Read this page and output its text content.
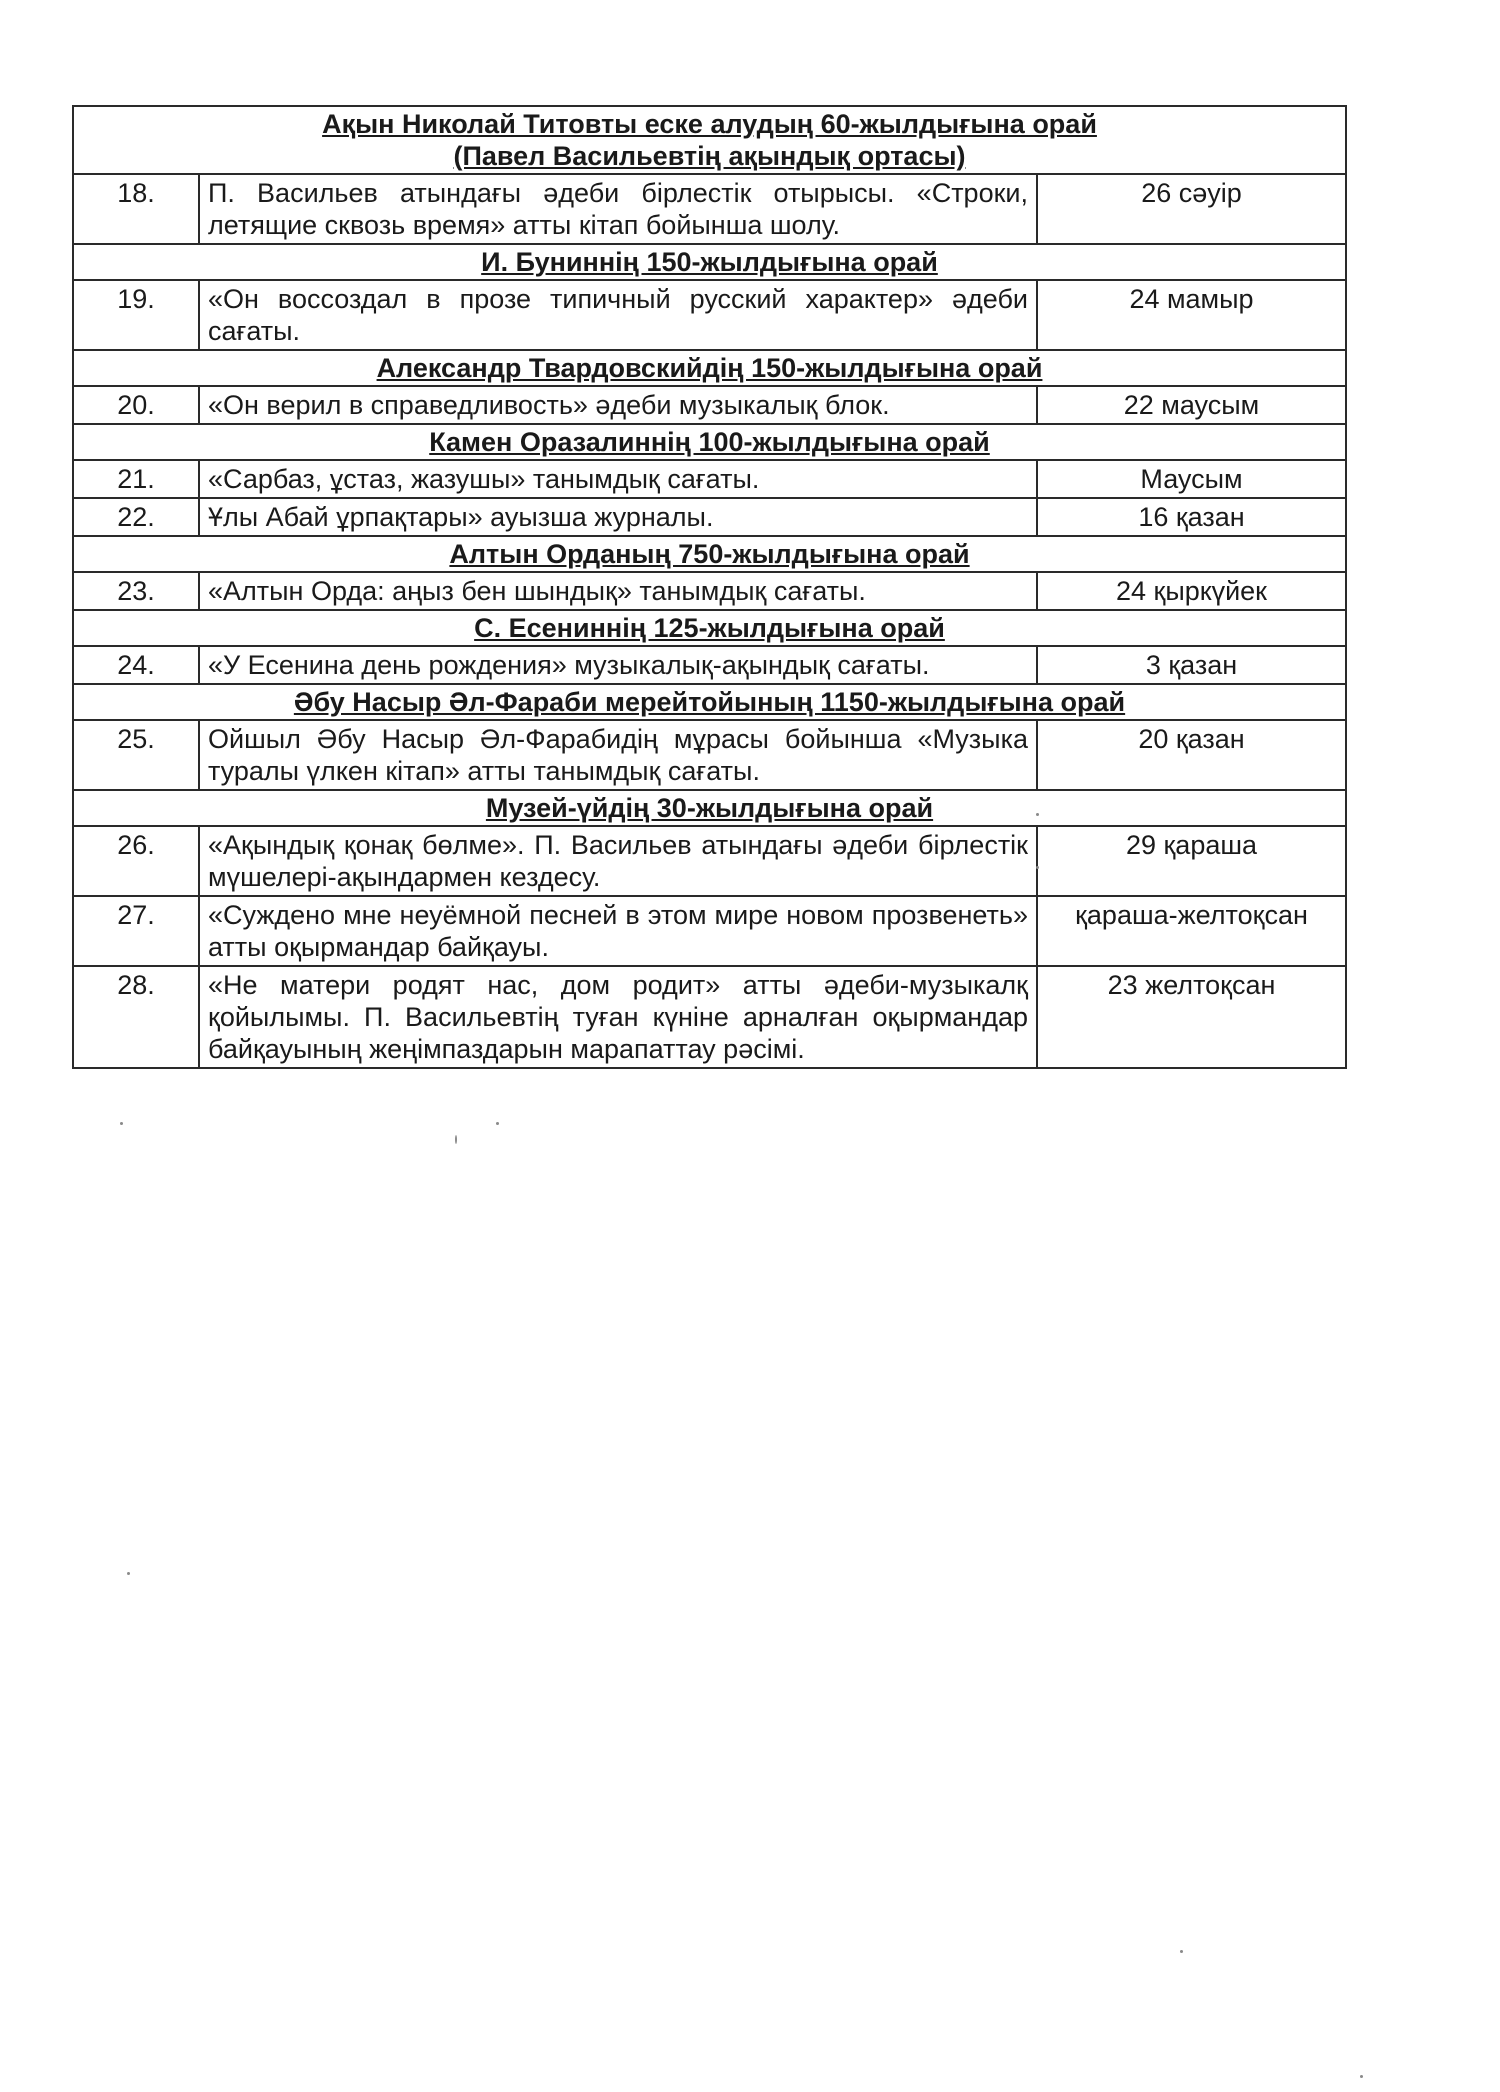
Ақын Николай Титовты еске алудың 60-жылдығына орай
(Павел Васильевтің ақындық ортасы)		

18.	П. Васильев атындағы әдеби бірлестік отырысы. «Строки, летящие сквозь время» атты кітап бойынша шолу.	26 сәуір

И. Буниннің 150-жылдығына орай		

19.	«Он воссоздал в прозе типичный русский характер» әдеби сағаты.	24 мамыр

Александр Твардовскийдің 150-жылдығына орай		

20.	«Он верил в справедливость» әдеби музыкалық блок.	22 маусым

Камен Оразалиннің 100-жылдығына орай		

21.	«Сарбаз, ұстаз, жазушы» танымдық сағаты.	Маусым
22.	Ұлы Абай ұрпақтары» ауызша журналы.	16 қазан

Алтын Орданың 750-жылдығына орай		

23.	«Алтын Орда: аңыз бен шындық» танымдық сағаты.	24 қыркүйек

С. Есениннің 125-жылдығына орай		

24.	«У Есенина день рождения» музыкалық-ақындық сағаты.	3 қазан

Әбу Насыр Әл-Фараби мерейтойының 1150-жылдығына орай		

25.	Ойшыл Әбу Насыр Әл-Фарабидің мұрасы бойынша «Музыка туралы үлкен кітап» атты танымдық сағаты.	20 қазан

Музей-үйдің 30-жылдығына орай		

26.	«Ақындық қонақ бөлме». П. Васильев атындағы әдеби бірлестік мүшелері-ақындармен кездесу.	29 қараша
27.	«Суждено мне неуёмной песней в этом мире новом прозвенеть» атты оқырмандар байқауы.	қараша-желтоқсан
28.	«Не матери родят нас, дом родит» атты әдеби-музыкалқ қойылымы. П. Васильевтің туған күніне арналған оқырмандар байқауының жеңімпаздарын марапаттау рәсімі.	23 желтоқсан
